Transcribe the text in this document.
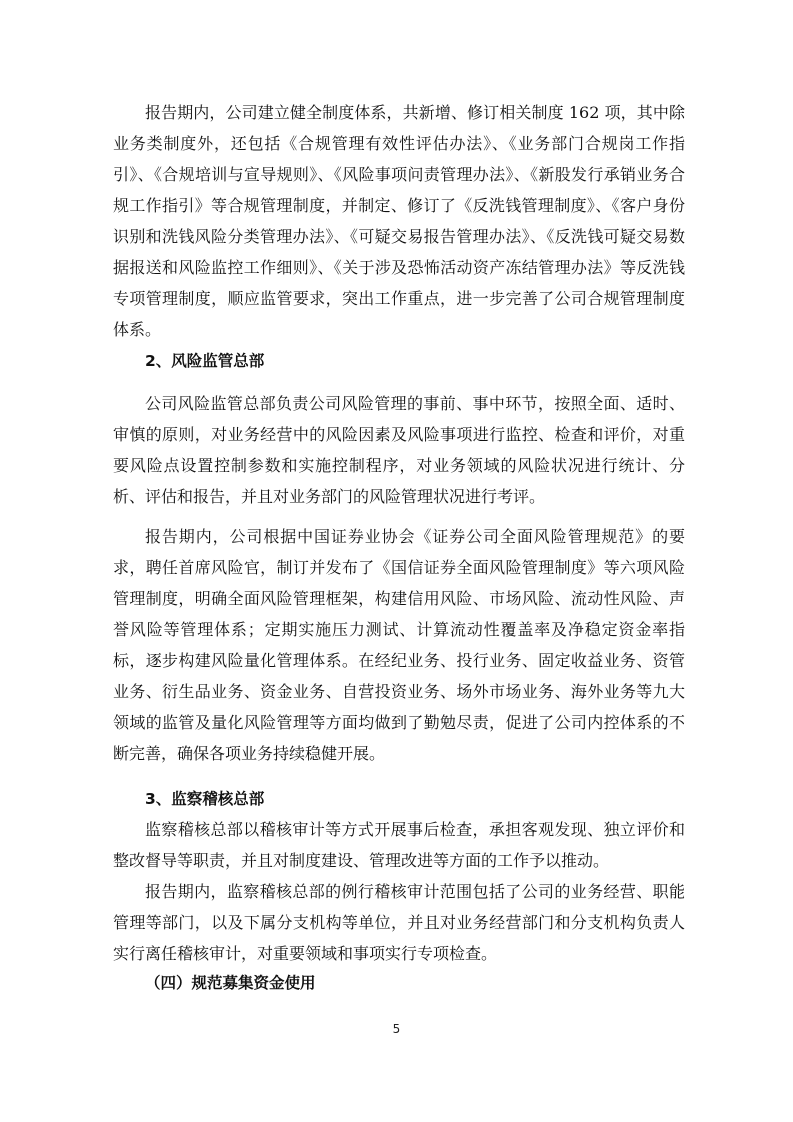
报告期内，公司建立健全制度体系，共新增、修订相关制度 162 项，其中除业务类制度外，还包括《合规管理有效性评估办法》、《业务部门合规岗工作指引》、《合规培训与宣导规则》、《风险事项问责管理办法》、《新股发行承销业务合规工作指引》等合规管理制度，并制定、修订了《反洗钱管理制度》、《客户身份识别和洗钱风险分类管理办法》、《可疑交易报告管理办法》、《反洗钱可疑交易数据报送和风险监控工作细则》、《关于涉及恐怖活动资产冻结管理办法》等反洗钱专项管理制度，顺应监管要求，突出工作重点，进一步完善了公司合规管理制度体系。

2、风险监管总部

公司风险监管总部负责公司风险管理的事前、事中环节，按照全面、适时、审慎的原则，对业务经营中的风险因素及风险事项进行监控、检查和评价，对重要风险点设置控制参数和实施控制程序，对业务领域的风险状况进行统计、分析、评估和报告，并且对业务部门的风险管理状况进行考评。

报告期内，公司根据中国证券业协会《证券公司全面风险管理规范》的要求，聘任首席风险官，制订并发布了《国信证券全面风险管理制度》等六项风险管理制度，明确全面风险管理框架，构建信用风险、市场风险、流动性风险、声誉风险等管理体系；定期实施压力测试、计算流动性覆盖率及净稳定资金率指标，逐步构建风险量化管理体系。在经纪业务、投行业务、固定收益业务、资管业务、衍生品业务、资金业务、自营投资业务、场外市场业务、海外业务等九大领域的监管及量化风险管理等方面均做到了勤勉尽责，促进了公司内控体系的不断完善，确保各项业务持续稳健开展。

3、监察稽核总部

监察稽核总部以稽核审计等方式开展事后检查，承担客观发现、独立评价和整改督导等职责，并且对制度建设、管理改进等方面的工作予以推动。

报告期内，监察稽核总部的例行稽核审计范围包括了公司的业务经营、职能管理等部门，以及下属分支机构等单位，并且对业务经营部门和分支机构负责人实行离任稽核审计，对重要领域和事项实行专项检查。

（四）规范募集资金使用
5
